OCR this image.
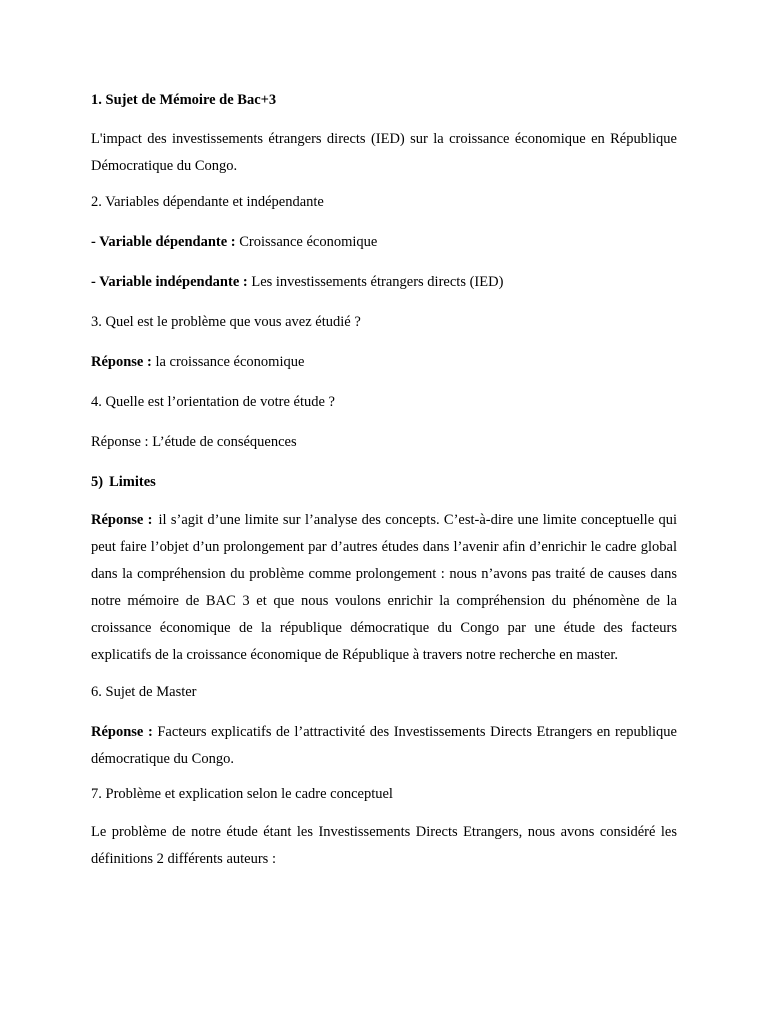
1. Sujet de Mémoire de Bac+3

L'impact des investissements étrangers directs (IED) sur la croissance économique en République Démocratique du Congo.

2. Variables dépendante et indépendante

- Variable dépendante : Croissance économique

- Variable indépendante : Les investissements étrangers directs (IED)

3. Quel est le problème que vous avez étudié ?

Réponse : la croissance économique

4. Quelle est l’orientation de votre étude ?

Réponse : L’étude de conséquences

5) Limites

Réponse : il s’agit d’une limite sur l’analyse des concepts. C’est-à-dire une limite conceptuelle qui peut faire l’objet d’un prolongement par d’autres études dans l’avenir afin d’enrichir le cadre global dans la compréhension du problème comme prolongement : nous n’avons pas traité de causes dans notre mémoire de BAC 3 et que nous voulons enrichir la compréhension du phénomène de la croissance économique de la république démocratique du Congo par une étude des facteurs explicatifs de la croissance économique de République à travers notre recherche en master.

6. Sujet de Master

Réponse : Facteurs explicatifs de l’attractivité des Investissements Directs Etrangers en republique démocratique du Congo.

7. Problème et explication selon le cadre conceptuel

Le problème de notre étude étant les Investissements Directs Etrangers, nous avons considéré les définitions 2 différents auteurs :
